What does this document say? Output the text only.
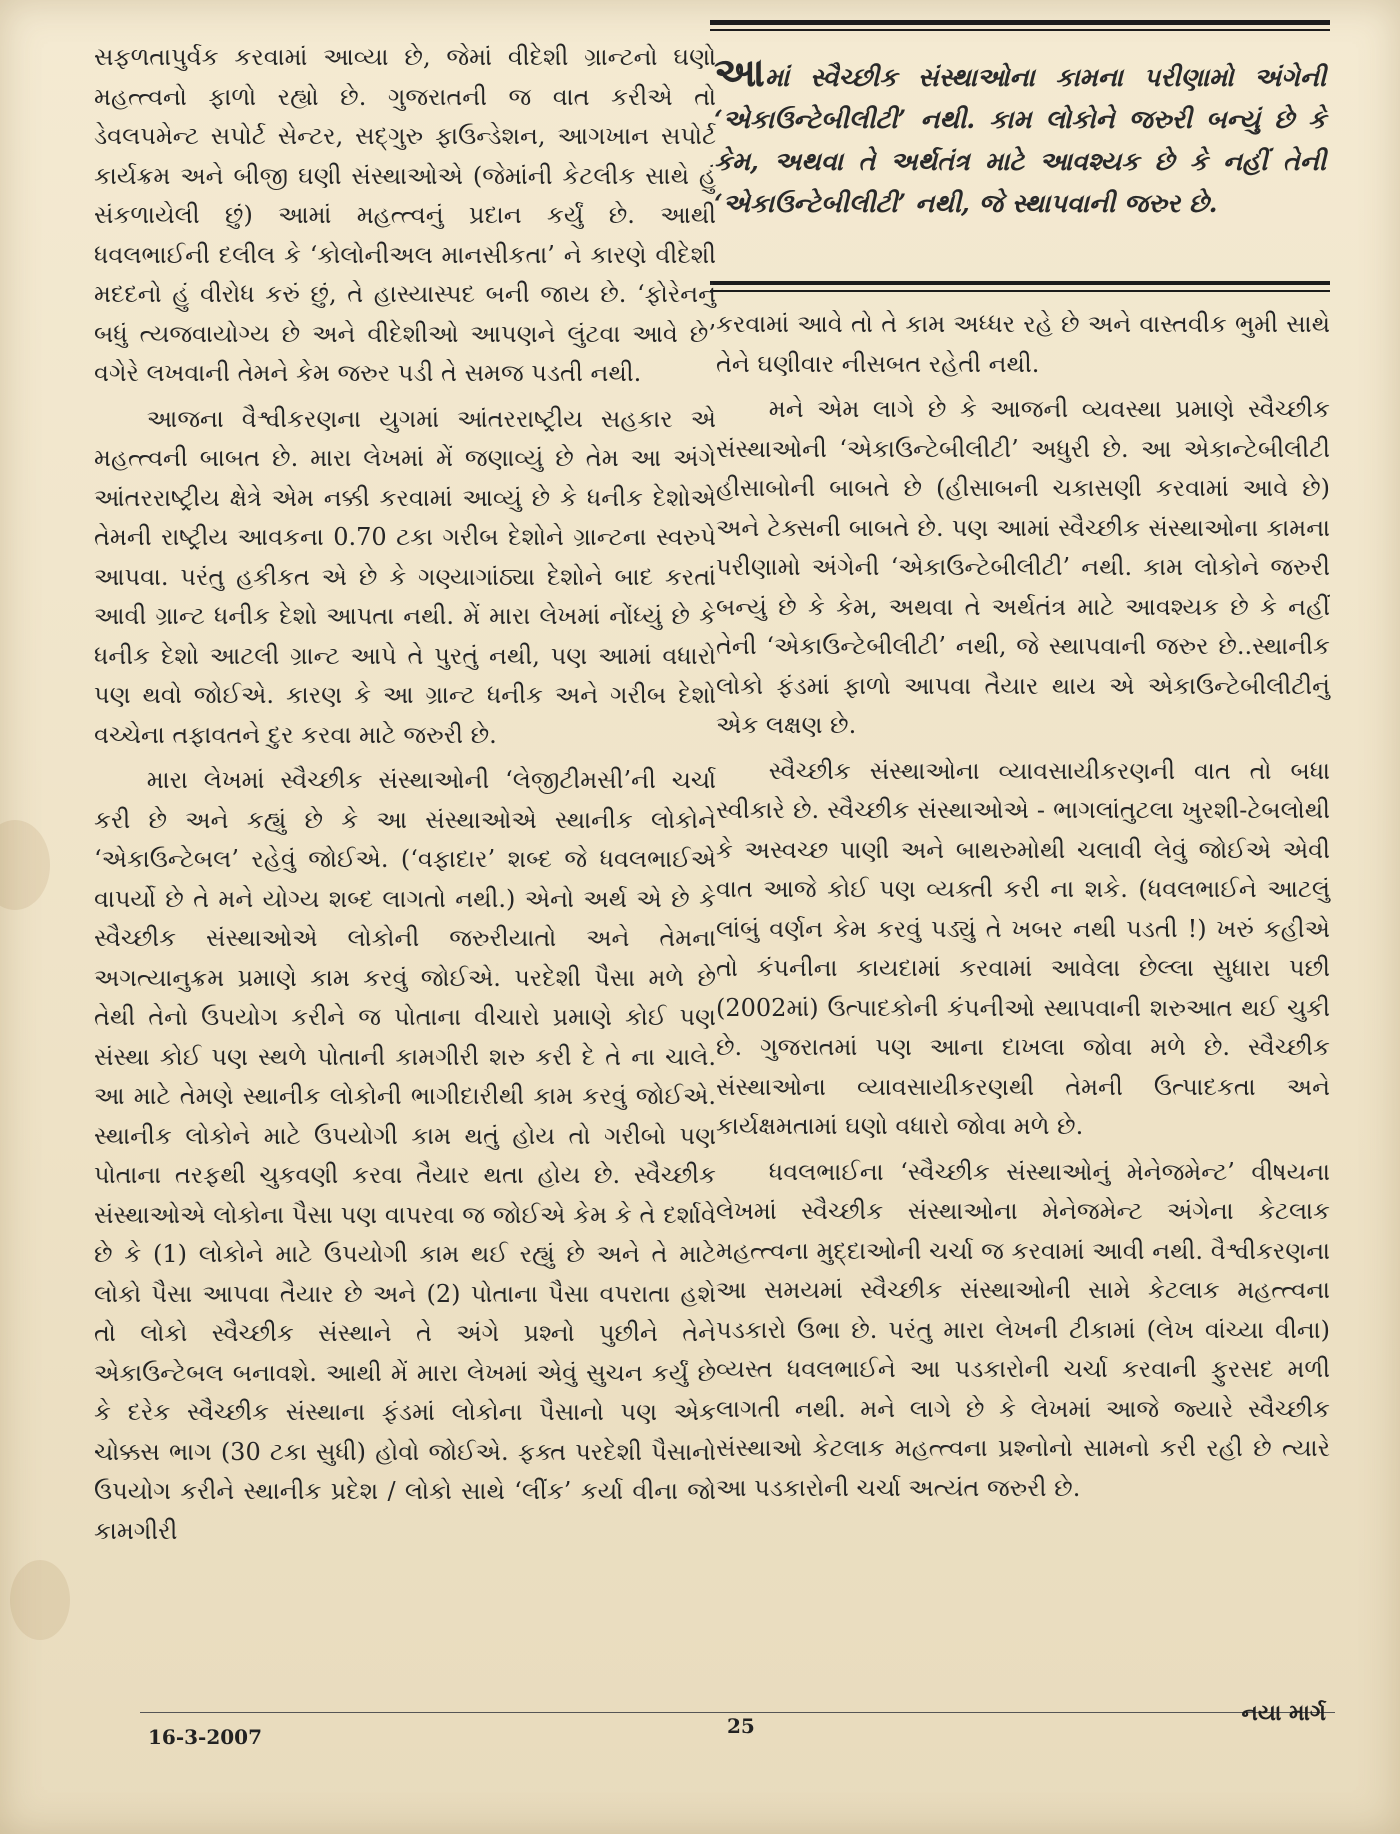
આમાં સ્વૈચ્છીક સંસ્થાઓના કામના પરીણામો અંગેની ‘એકાઉન્ટેબીલીટી’ નથી. કામ લોકોને જરુરી બન્યું છે કે કેમ, અથવા તે અર્થતંત્ર માટે આવશ્યક છે કે નહીં તેની ‘એકાઉન્ટેબીલીટી’ નથી, જે સ્થાપવાની જરુર છે.

સફળતાપુર્વક કરવામાં આવ્યા છે, જેમાં વીદેશી ગ્રાન્ટનો ઘણો મહત્ત્વનો ફાળો રહ્યો છે. ગુજરાતની જ વાત કરીએ તો ડેવલપમેન્ટ સપોર્ટ સેન્ટર, સદ્‌ગુરુ ફાઉન્ડેશન, આગખાન સપોર્ટ કાર્યક્રમ અને બીજી ઘણી સંસ્થાઓએ (જેમાંની કેટલીક સાથે હું સંકળાયેલી છું) આમાં મહત્ત્વનું પ્રદાન કર્યું છે. આથી ધવલભાઈની દલીલ કે ‘કોલોનીઅલ માનસીકતા’ ને કારણે વીદેશી મદદનો હું વીરોધ કરું છું, તે હાસ્યાસ્પદ બની જાય છે. ‘ફોરેનનું બધું ત્યજવાયોગ્ય છે અને વીદેશીઓ આપણને લુંટવા આવે છે’ વગેરે લખવાની તેમને કેમ જરુર પડી તે સમજ પડતી નથી.

આજના વૈશ્વીકરણના યુગમાં આંતરરાષ્ટ્રીય સહકાર એ મહત્ત્વની બાબત છે. મારા લેખમાં મેં જણાવ્યું છે તેમ આ અંગે આંતરરાષ્ટ્રીય ક્ષેત્રે એમ નક્કી કરવામાં આવ્યું છે કે ધનીક દેશોએ તેમની રાષ્ટ્રીય આવકના 0.70 ટકા ગરીબ દેશોને ગ્રાન્ટના સ્વરુપે આપવા. પરંતુ હકીકત એ છે કે ગણ્યાગાંઠ્યા દેશોને બાદ કરતાં આવી ગ્રાન્ટ ધનીક દેશો આપતા નથી. મેં મારા લેખમાં નોંધ્યું છે કે ધનીક દેશો આટલી ગ્રાન્ટ આપે તે પુરતું નથી, પણ આમાં વધારો પણ થવો જોઈએ. કારણ કે આ ગ્રાન્ટ ધનીક અને ગરીબ દેશો વચ્ચેના તફાવતને દુર કરવા માટે જરુરી છે.

મારા લેખમાં સ્વૈચ્છીક સંસ્થાઓની ‘લેજીટીમસી’ની ચર્ચા કરી છે અને કહ્યું છે કે આ સંસ્થાઓએ સ્થાનીક લોકોને ‘એકાઉન્ટેબલ’ રહેવું જોઈએ. (‘વફાદાર’ શબ્દ જે ધવલભાઈએ વાપર્યો છે તે મને યોગ્ય શબ્દ લાગતો નથી.) એનો અર્થ એ છે કે સ્વૈચ્છીક સંસ્થાઓએ લોકોની જરુરીયાતો અને તેમના અગત્યાનુક્રમ પ્રમાણે કામ કરવું જોઈએ. પરદેશી પૈસા મળે છે તેથી તેનો ઉપયોગ કરીને જ પોતાના વીચારો પ્રમાણે કોઈ પણ સંસ્થા કોઈ પણ સ્થળે પોતાની કામગીરી શરુ કરી દે તે ના ચાલે. આ માટે તેમણે સ્થાનીક લોકોની ભાગીદારીથી કામ કરવું જોઈએ. સ્થાનીક લોકોને માટે ઉપયોગી કામ થતું હોય તો ગરીબો પણ પોતાના તરફથી ચુકવણી કરવા તૈયાર થતા હોય છે. સ્વૈચ્છીક સંસ્થાઓએ લોકોના પૈસા પણ વાપરવા જ જોઈએ કેમ કે તે દર્શાવે છે કે (1) લોકોને માટે ઉપયોગી કામ થઈ રહ્યું છે અને તે માટે લોકો પૈસા આપવા તૈયાર છે અને (2) પોતાના પૈસા વપરાતા હશે તો લોકો સ્વૈચ્છીક સંસ્થાને તે અંગે પ્રશ્નો પુછીને તેને એકાઉન્ટેબલ બનાવશે. આથી મેં મારા લેખમાં એવું સુચન કર્યું છે કે દરેક સ્વૈચ્છીક સંસ્થાના ફંડમાં લોકોના પૈસાનો પણ એક ચોક્કસ ભાગ (30 ટકા સુધી) હોવો જોઈએ. ફક્ત પરદેશી પૈસાનો ઉપયોગ કરીને સ્થાનીક પ્રદેશ / લોકો સાથે ‘લીંક’ કર્યા વીના જો કામગીરી

કરવામાં આવે તો તે કામ અધ્ધર રહે છે અને વાસ્તવીક ભુમી સાથે તેને ઘણીવાર નીસબત રહેતી નથી.

મને એમ લાગે છે કે આજની વ્યવસ્થા પ્રમાણે સ્વૈચ્છીક સંસ્થાઓની ‘એકાઉન્ટેબીલીટી’ અધુરી છે. આ એકાન્ટેબીલીટી હીસાબોની બાબતે છે (હીસાબની ચકાસણી કરવામાં આવે છે) અને ટેક્સની બાબતે છે. પણ આમાં સ્વૈચ્છીક સંસ્થાઓના કામના પરીણામો અંગેની ‘એકાઉન્ટેબીલીટી’ નથી. કામ લોકોને જરુરી બન્યું છે કે કેમ, અથવા તે અર્થતંત્ર માટે આવશ્યક છે કે નહીં તેની ‘એકાઉન્ટેબીલીટી’ નથી, જે સ્થાપવાની જરુર છે..સ્થાનીક લોકો ફંડમાં ફાળો આપવા તૈયાર થાય એ એકાઉન્ટેબીલીટીનું એક લક્ષણ છે.

સ્વૈચ્છીક સંસ્થાઓના વ્યાવસાયીકરણની વાત તો બધા સ્વીકારે છે. સ્વૈચ્છીક સંસ્થાઓએ - ભાગલાંતુટલા ખુરશી-ટેબલોથી કે અસ્વચ્છ પાણી અને બાથરુમોથી ચલાવી લેવું જોઈએ એવી વાત આજે કોઈ પણ વ્યક્તી કરી ના શકે. (ધવલભાઈને આટલું લાંબું વર્ણન કેમ કરવું પડ્યું તે ખબર નથી પડતી !) ખરું કહીએ તો કંપનીના કાયદામાં કરવામાં આવેલા છેલ્લા સુધારા પછી (2002માં) ઉત્પાદકોની કંપનીઓ સ્થાપવાની શરુઆત થઈ ચુકી છે. ગુજરાતમાં પણ આના દાખલા જોવા મળે છે. સ્વૈચ્છીક સંસ્થાઓના વ્યાવસાયીકરણથી તેમની ઉત્પાદકતા અને કાર્યક્ષમતામાં ઘણો વધારો જોવા મળે છે.

ધવલભાઈના ‘સ્વૈચ્છીક સંસ્થાઓનું મેનેજમેન્ટ’ વીષયના લેખમાં સ્વૈચ્છીક સંસ્થાઓના મેનેજમેન્ટ અંગેના કેટલાક મહત્ત્વના મુદ્દાઓની ચર્ચા જ કરવામાં આવી નથી. વૈશ્વીકરણના આ સમયમાં સ્વૈચ્છીક સંસ્થાઓની સામે કેટલાક મહત્ત્વના પડકારો ઉભા છે. પરંતુ મારા લેખની ટીકામાં (લેખ વાંચ્યા વીના) વ્યસ્ત ધવલભાઈને આ પડકારોની ચર્ચા કરવાની ફુરસદ મળી લાગતી નથી. મને લાગે છે કે લેખમાં આજે જ્યારે સ્વૈચ્છીક સંસ્થાઓ કેટલાક મહત્ત્વના પ્રશ્નોનો સામનો કરી રહી છે ત્યારે આ પડકારોની ચર્ચા અત્યંત જરુરી છે.

16-3-2007	25	નયા માર્ગ
